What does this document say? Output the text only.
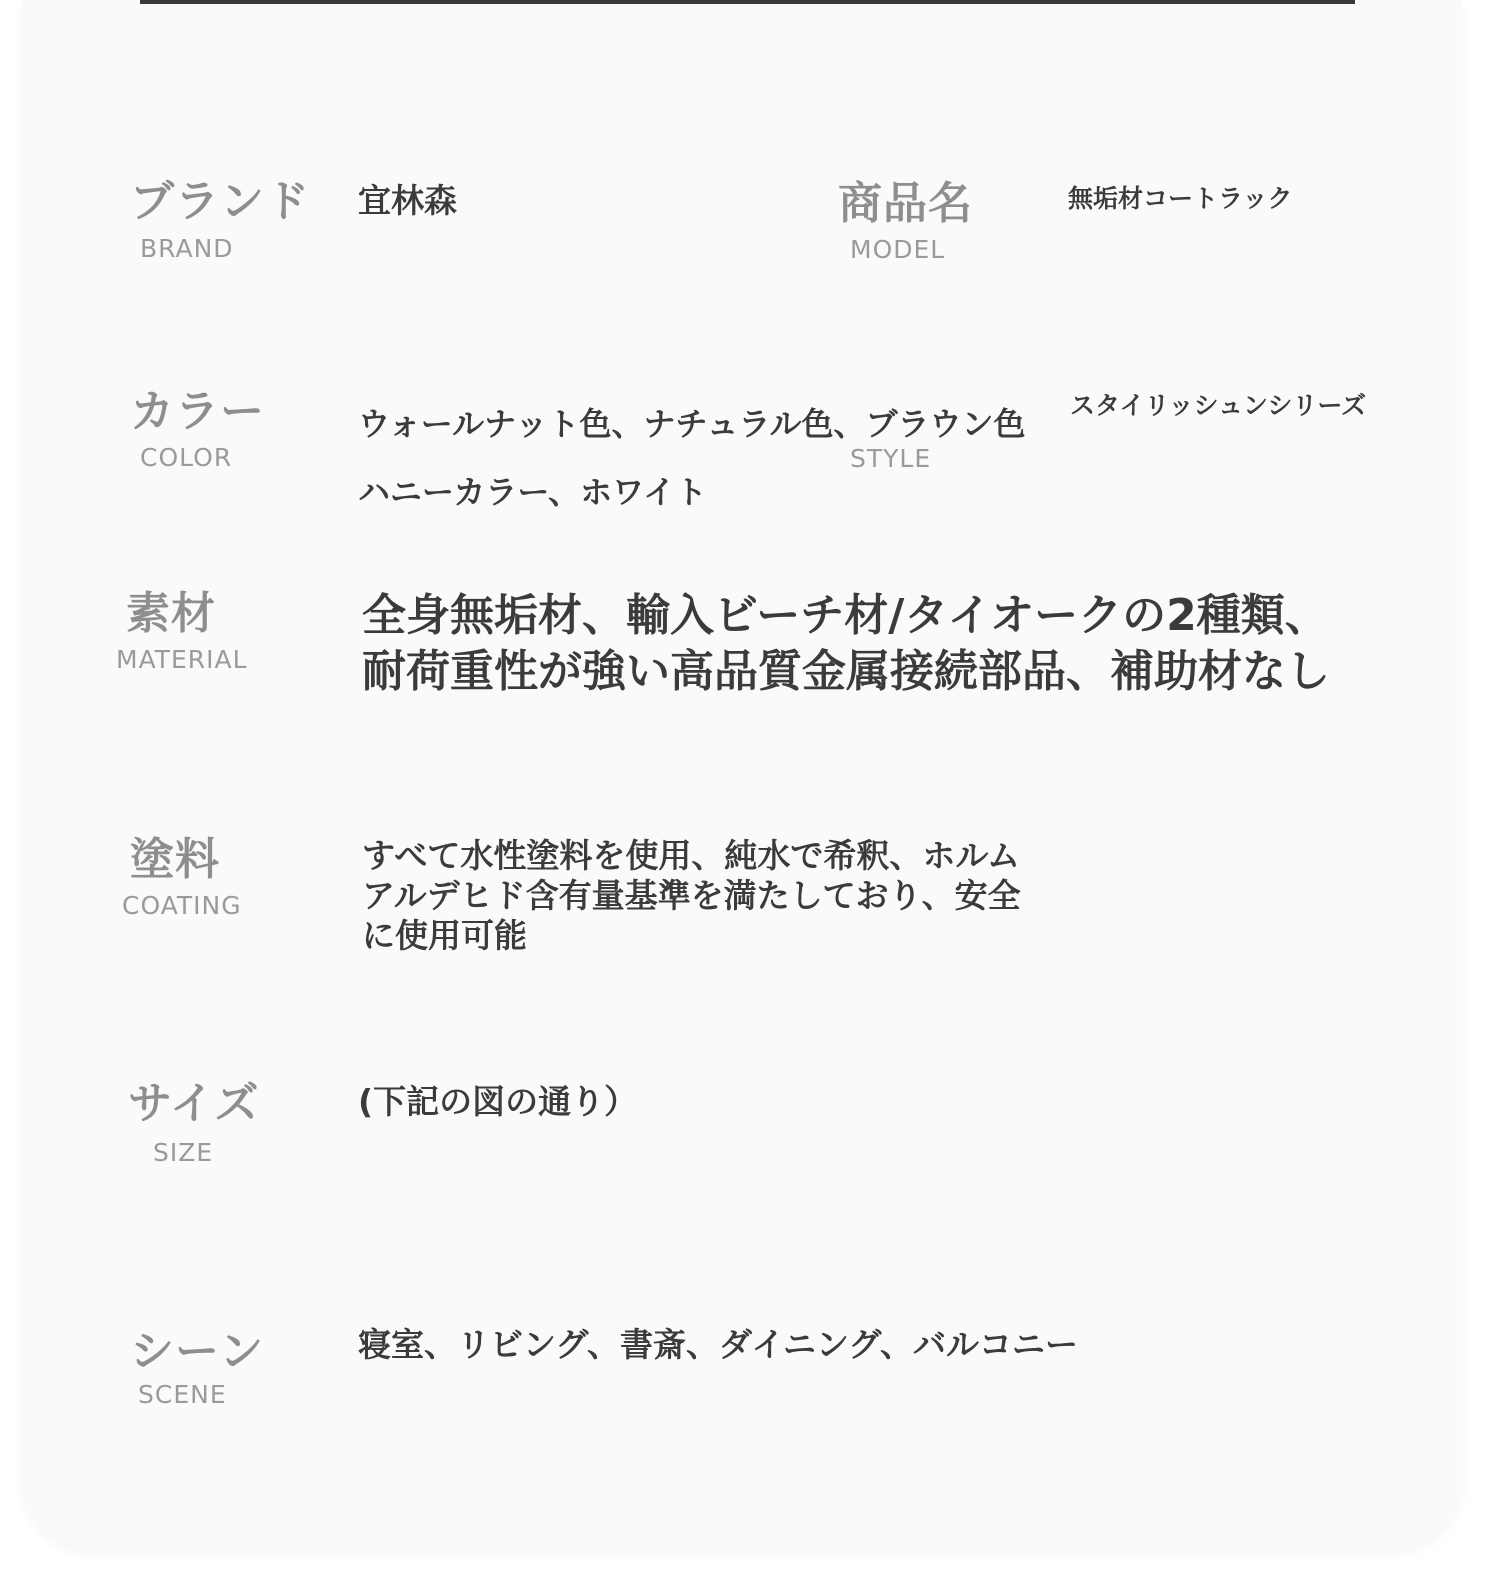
ブランド
BRAND
宜林森	商品名
MODEL
無垢材コートラック
カラー
COLOR
ウォールナット色、ナチュラル色、ブラウン色
ハニーカラー、ホワイト
STYLE
スタイリッシュンシリーズ
素材
MATERIAL
全身無垢材、輸入ビーチ材/タイオークの2種類、
耐荷重性が強い高品質金属接続部品、補助材なし
塗料
COATING
すべて水性塗料を使用、純水で希釈、ホルム
アルデヒド含有量基準を満たしており、安全
に使用可能
サイズ
SIZE
(下記の図の通り）
シーン
SCENE
寝室、リビング、書斎、ダイニング、バルコニー
